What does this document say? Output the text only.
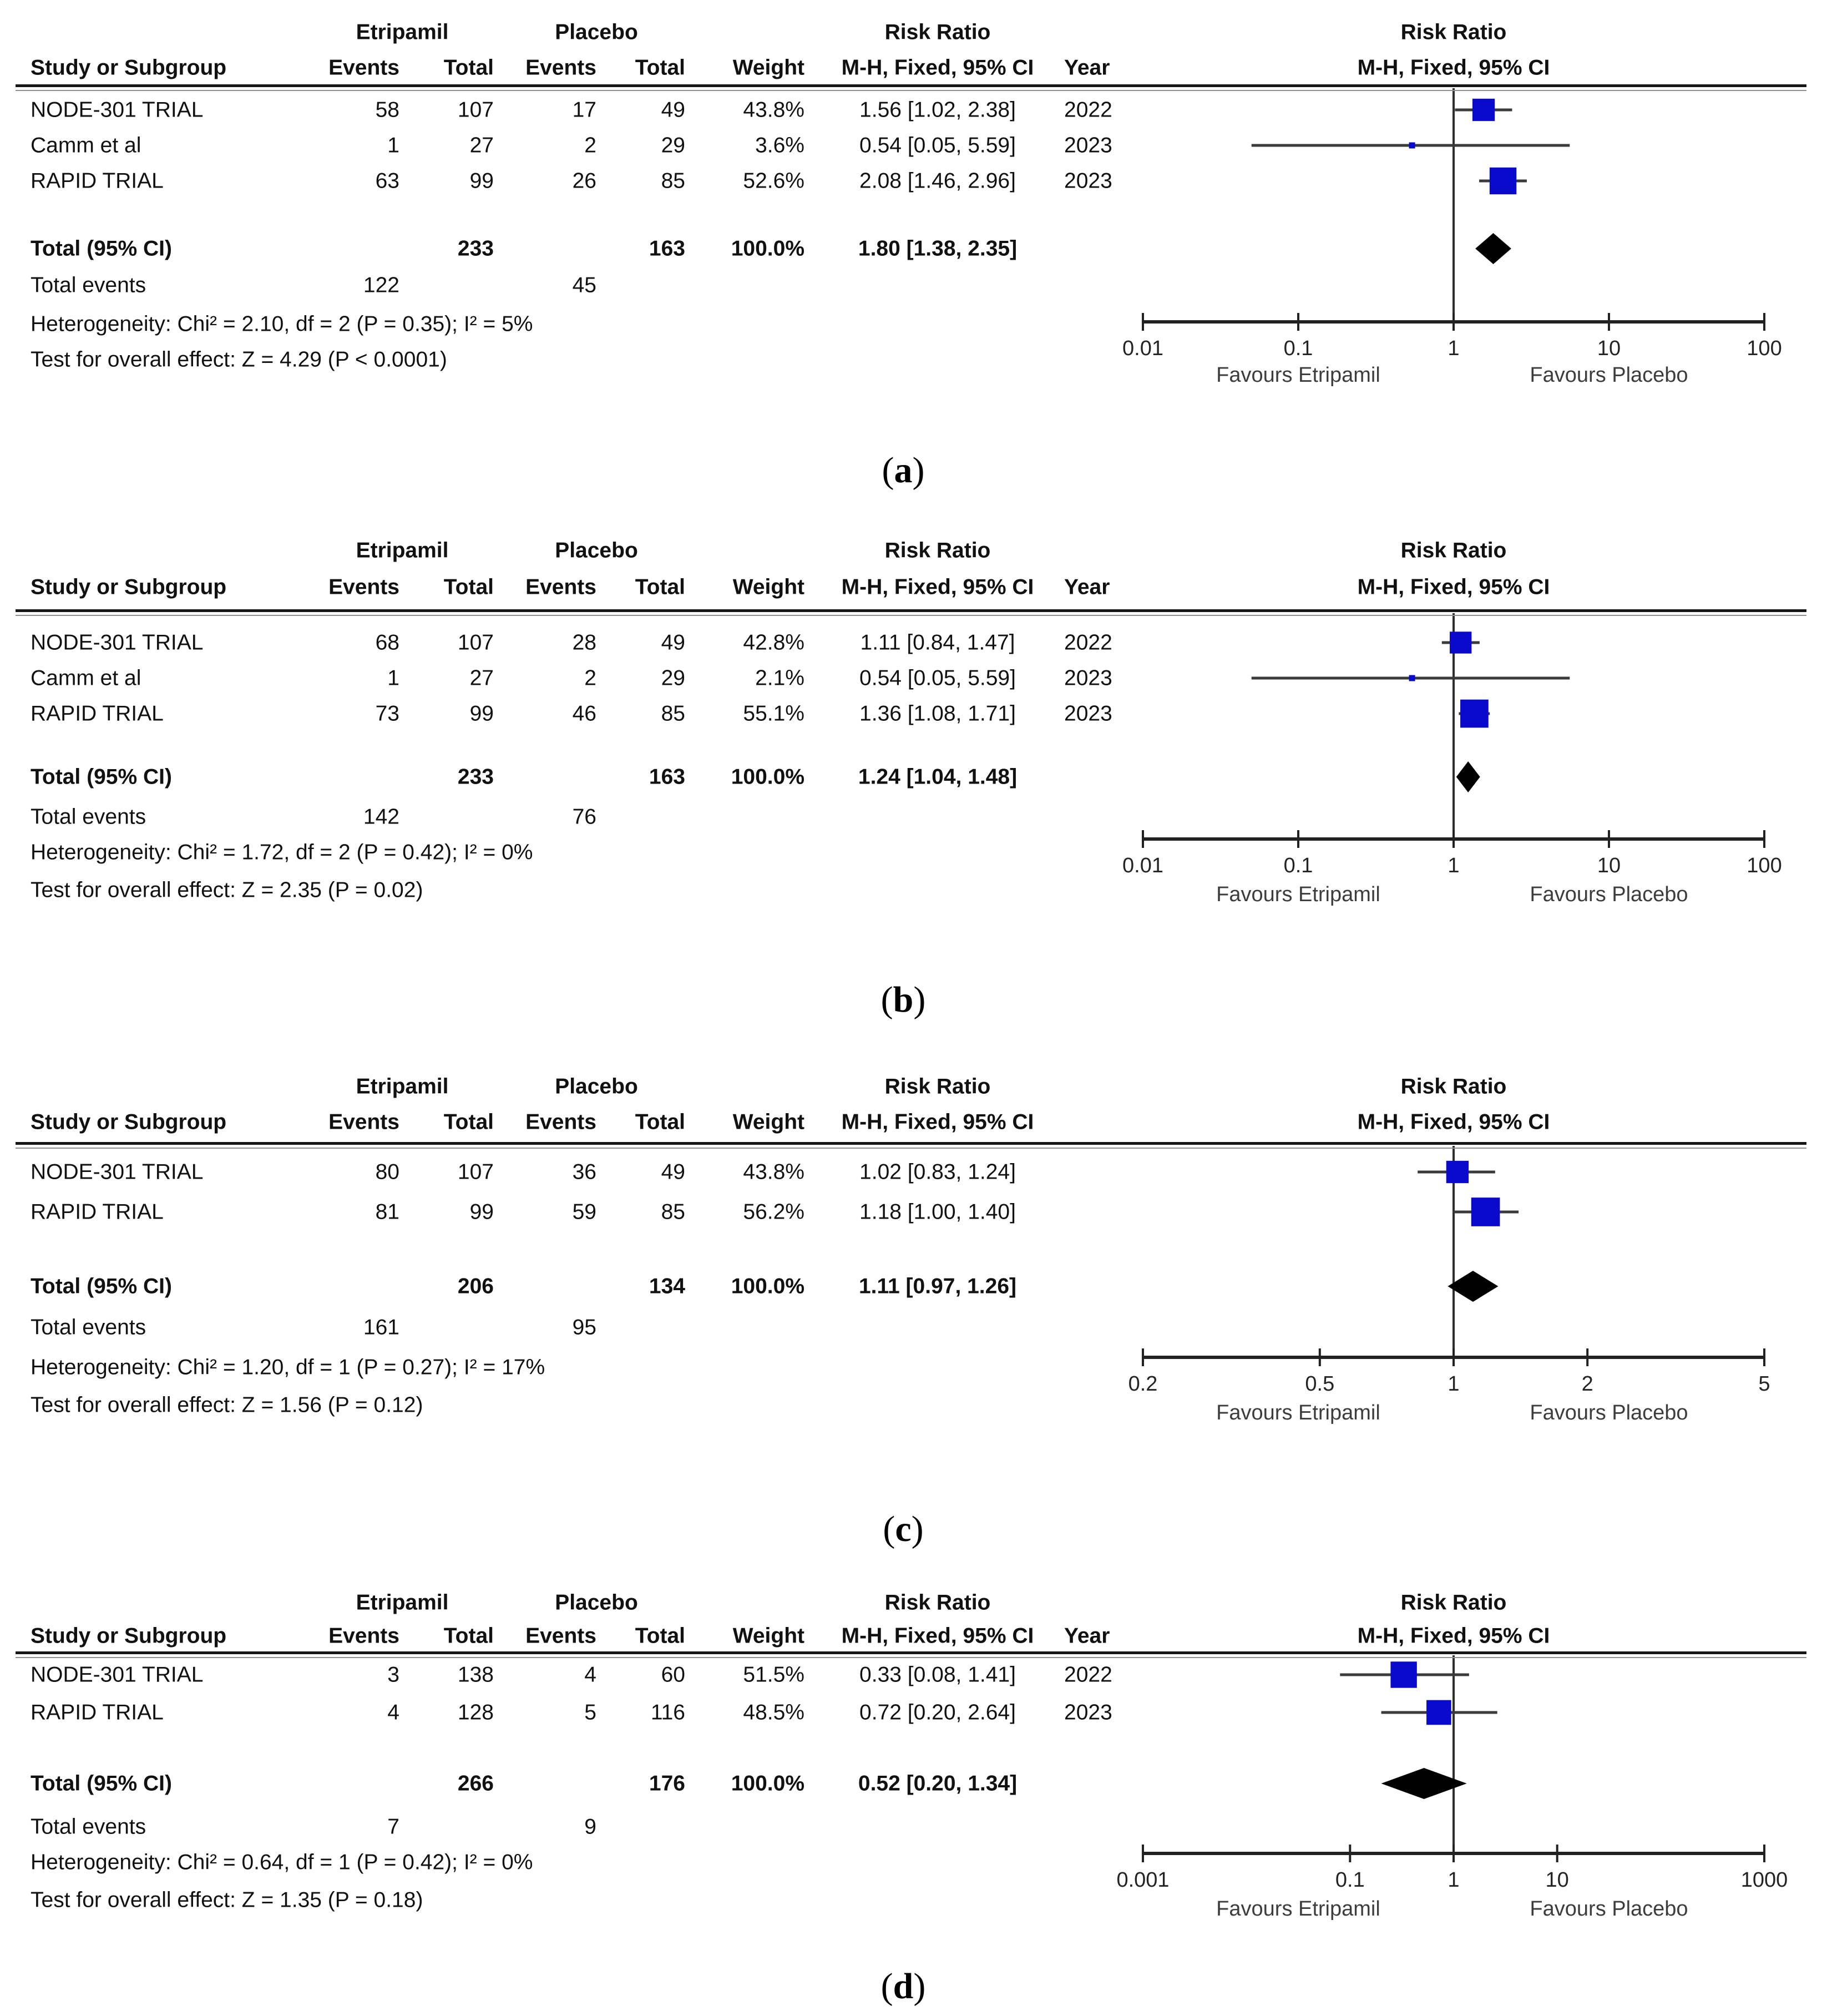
Etripamil	Placebo	Risk Ratio	Risk Ratio
Study or Subgroup	Events	Total	Events	Total	Weight	M-H, Fixed, 95% CI	Year	M-H, Fixed, 95% CI
NODE-301 TRIAL	58	107	17	49	43.8%	1.56 [1.02, 2.38]	2022
Camm et al	1	27	2	29	3.6%	0.54 [0.05, 5.59]	2023
RAPID TRIAL	63	99	26	85	52.6%	2.08 [1.46, 2.96]	2023
Total (95% CI)	233	163	100.0%	1.80 [1.38, 2.35]
Total events	122	45
Heterogeneity: Chi² = 2.10, df = 2 (P = 0.35); I² = 5%
Test for overall effect: Z = 4.29 (P < 0.0001)	0.01	0.1	1	10	100
Favours Etripamil	Favours Placebo
(a)
Etripamil	Placebo	Risk Ratio	Risk Ratio
Study or Subgroup	Events	Total	Events	Total	Weight	M-H, Fixed, 95% CI	Year	M-H, Fixed, 95% CI
NODE-301 TRIAL	68	107	28	49	42.8%	1.11 [0.84, 1.47]	2022
Camm et al	1	27	2	29	2.1%	0.54 [0.05, 5.59]	2023
RAPID TRIAL	73	99	46	85	55.1%	1.36 [1.08, 1.71]	2023
Total (95% CI)	233	163	100.0%	1.24 [1.04, 1.48]
Total events	142	76
Heterogeneity: Chi² = 1.72, df = 2 (P = 0.42); I² = 0%
Test for overall effect: Z = 2.35 (P = 0.02)
0.01	0.1	1	10	100
Favours Etripamil	Favours Placebo
(b)
Etripamil	Placebo	Risk Ratio	Risk Ratio
Study or Subgroup	Events	Total	Events	Total	Weight	M-H, Fixed, 95% CI	M-H, Fixed, 95% CI
NODE-301 TRIAL	80	107	36	49	43.8%	1.02 [0.83, 1.24]
RAPID TRIAL	81	99	59	85	56.2%	1.18 [1.00, 1.40]
Total (95% CI)	206	134	100.0%	1.11 [0.97, 1.26]
Total events	161	95
Heterogeneity: Chi² = 1.20, df = 1 (P = 0.27); I² = 17%
Test for overall effect: Z = 1.56 (P = 0.12)
0.2	0.5	1	2	5
Favours Etripamil	Favours Placebo
(c)
Etripamil	Placebo	Risk Ratio	Risk Ratio
Study or Subgroup	Events	Total	Events	Total	Weight	M-H, Fixed, 95% CI	Year	M-H, Fixed, 95% CI
NODE-301 TRIAL	3	138	4	60	51.5%	0.33 [0.08, 1.41]	2022
RAPID TRIAL	4	128	5	116	48.5%	0.72 [0.20, 2.64]	2023
Total (95% CI)	266	176	100.0%	0.52 [0.20, 1.34]
Total events	7	9
Heterogeneity: Chi² = 0.64, df = 1 (P = 0.42); I² = 0%
Test for overall effect: Z = 1.35 (P = 0.18)
0.001	0.1	1	10	1000
Favours Etripamil	Favours Placebo
(d)
